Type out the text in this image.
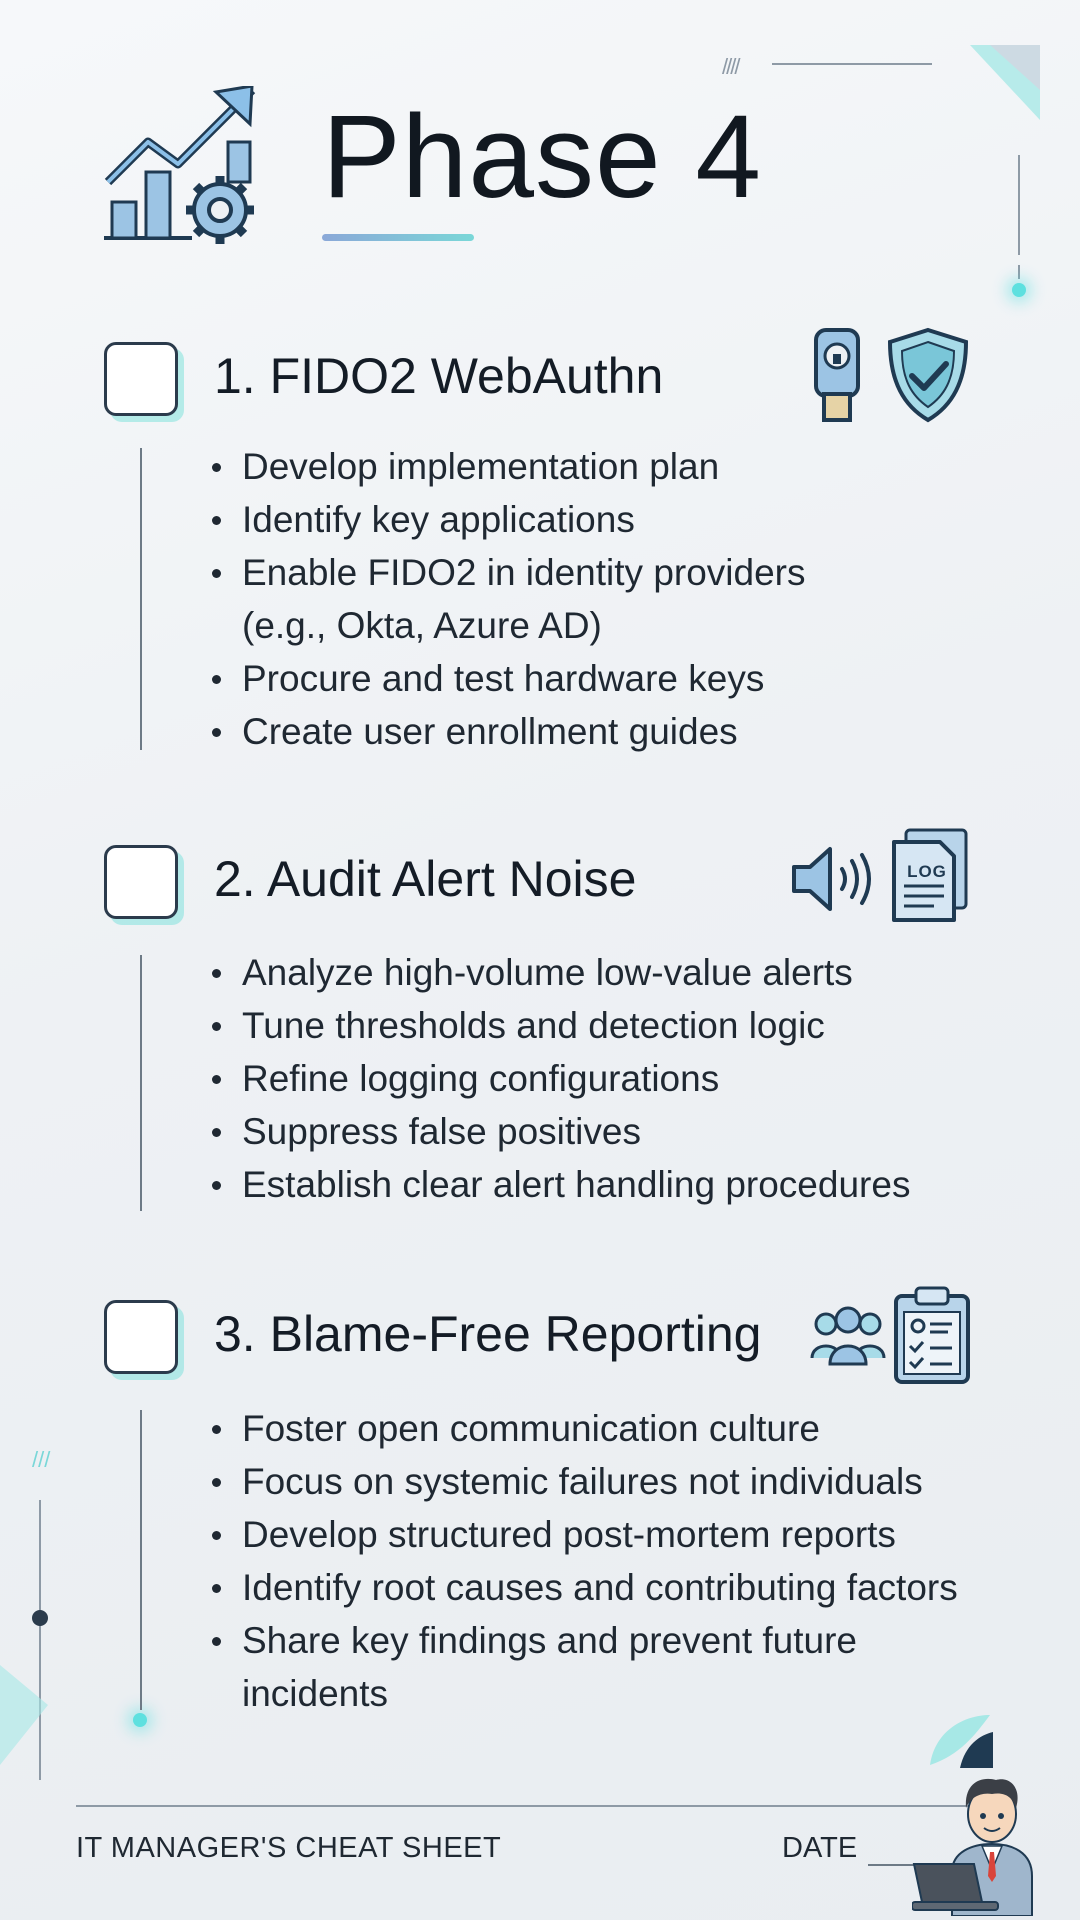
////
///
Phase 4
1. FIDO2 WebAuthn
Develop implementation plan
Identify key applications
Enable FIDO2 in identity providers (e.g., Okta, Azure AD)
Procure and test hardware keys
Create user enrollment guides
2. Audit Alert Noise	LOG
Analyze high-volume low-value alerts
Tune thresholds and detection logic
Refine logging configurations
Suppress false positives
Establish clear alert handling procedures
3. Blame-Free Reporting
Foster open communication culture
Focus on systemic failures not individuals
Develop structured post-mortem reports
Identify root causes and contributing factors
Share key findings and prevent future incidents
IT MANAGER'S CHEAT SHEET	DATE
